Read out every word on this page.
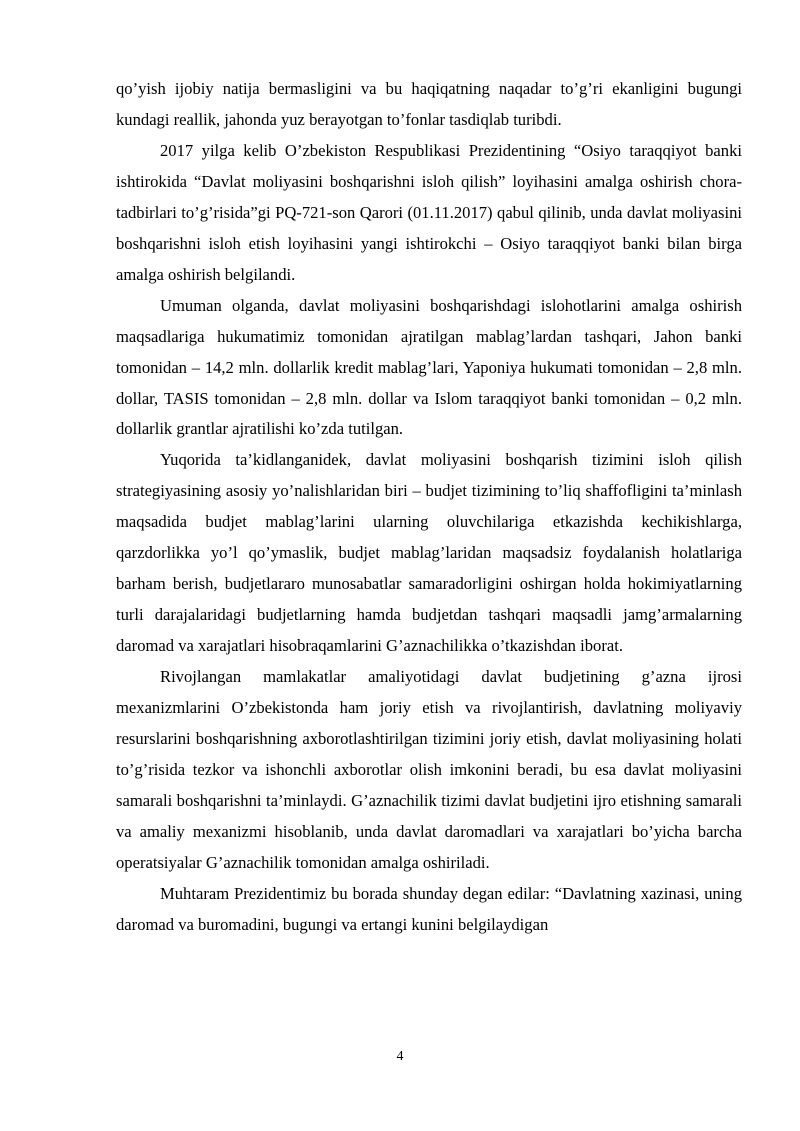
qo’yish ijobiy natija bermasligini va bu haqiqatning naqadar to’g’ri ekanligini bugungi kundagi reallik, jahonda yuz berayotgan to’fonlar tasdiqlab turibdi.

2017 yilga kelib O’zbekiston Respublikasi Prezidentining “Osiyo taraqqiyot banki ishtirokida “Davlat moliyasini boshqarishni isloh qilish” loyihasini amalga oshirish chora-tadbirlari to’g’risida”gi PQ-721-son Qarori (01.11.2017) qabul qilinib, unda davlat moliyasini boshqarishni isloh etish loyihasini yangi ishtirokchi – Osiyo taraqqiyot banki bilan birga amalga oshirish belgilandi.

Umuman olganda, davlat moliyasini boshqarishdagi islohotlarini amalga oshirish maqsadlariga hukumatimiz tomonidan ajratilgan mablag’lardan tashqari, Jahon banki tomonidan – 14,2 mln. dollarlik kredit mablag’lari, Yaponiya hukumati tomonidan – 2,8 mln. dollar, TASIS tomonidan – 2,8 mln. dollar va Islom taraqqiyot banki tomonidan – 0,2 mln. dollarlik grantlar ajratilishi ko’zda tutilgan.

Yuqorida ta’kidlanganidek, davlat moliyasini boshqarish tizimini isloh qilish strategiyasining asosiy yo’nalishlaridan biri – budjet tizimining to’liq shaffofligini ta’minlash maqsadida budjet mablag’larini ularning oluvchilariga etkazishda kechikishlarga, qarzdorlikka yo’l qo’ymaslik, budjet mablag’laridan maqsadsiz foydalanish holatlariga barham berish, budjetlararo munosabatlar samaradorligini oshirgan holda hokimiyatlarning turli darajalaridagi budjetlarning hamda budjetdan tashqari maqsadli jamg’armalarning daromad va xarajatlari hisobraqamlarini G’aznachilikka o’tkazishdan iborat.

Rivojlangan mamlakatlar amaliyotidagi davlat budjetining g’azna ijrosi mexanizmlarini O’zbekistonda ham joriy etish va rivojlantirish, davlatning moliyaviy resurslarini boshqarishning axborotlashtirilgan tizimini joriy etish, davlat moliyasining holati to’g’risida tezkor va ishonchli axborotlar olish imkonini beradi, bu esa davlat moliyasini samarali boshqarishni ta’minlaydi. G’aznachilik tizimi davlat budjetini ijro etishning samarali va amaliy mexanizmi hisoblanib, unda davlat daromadlari va xarajatlari bo’yicha barcha operatsiyalar G’aznachilik tomonidan amalga oshiriladi.

Muhtaram Prezidentimiz bu borada shunday degan edilar: “Davlatning xazinasi, uning daromad va buromadini, bugungi va ertangi kunini belgilaydigan

4
